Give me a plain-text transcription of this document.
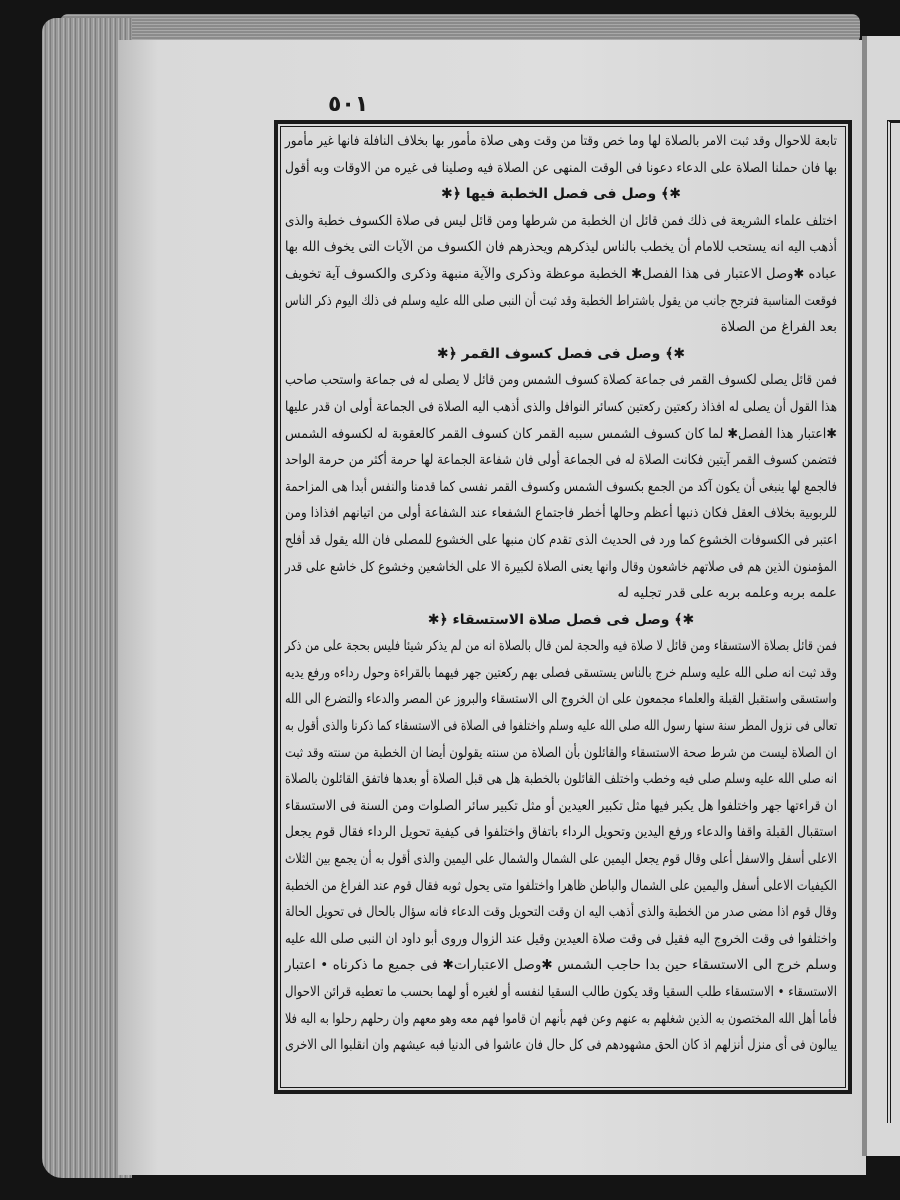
٥٠١
تابعة للاحوال وقد ثبت الامر بالصلاة لها وما خص وقتا من وقت وهى صلاة مأمور بها بخلاف النافلة فانها غير مأمور
بها فان حملنا الصلاة على الدعاء دعونا فى الوقت المنهى عن الصلاة فيه وصلينا فى غيره من الاوقات وبه أقول
✱﴾ وصل فى فصل الخطبة فيها ﴿✱
اختلف علماء الشريعة فى ذلك فمن قائل ان الخطبة من شرطها ومن قائل ليس فى صلاة الكسوف خطبة والذى
أذهب اليه انه يستحب للامام أن يخطب بالناس ليذكرهم ويحذرهم فان الكسوف من الآيات التى يخوف الله بها
عباده ✱وصل الاعتبار فى هذا الفصل✱ الخطبة موعظة وذكرى والآية منبهة وذكرى والكسوف آية تخويف
فوقعت المناسبة فترجح جانب من يقول باشتراط الخطبة وقد ثبت أن النبى صلى الله عليه وسلم فى ذلك اليوم ذكر الناس
بعد الفراغ من الصلاة
✱﴾ وصل فى فصل كسوف القمر ﴿✱
فمن قائل يصلى لكسوف القمر فى جماعة كصلاة كسوف الشمس ومن قائل لا يصلى له فى جماعة واستحب صاحب
هذا القول أن يصلى له افذاذ ركعتين ركعتين كسائر النوافل والذى أذهب اليه الصلاة فى الجماعة أولى ان قدر عليها
✱اعتبار هذا الفصل✱ لما كان كسوف الشمس سببه القمر كان كسوف القمر كالعقوبة له لكسوفه الشمس
فتضمن كسوف القمر آيتين فكانت الصلاة له فى الجماعة أولى فان شفاعة الجماعة لها حرمة أكثر من حرمة الواحد
فالجمع لها ينبغى أن يكون آكد من الجمع بكسوف الشمس وكسوف القمر نفسى كما قدمنا والنفس أبدا هى المزاحمة
للربوبية بخلاف العقل فكان ذنبها أعظم وحالها أخطر فاجتماع الشفعاء عند الشفاعة أولى من اتيانهم افذاذا ومن
اعتبر فى الكسوفات الخشوع كما ورد فى الحديث الذى تقدم كان منبها على الخشوع للمصلى فان الله يقول قد أفلح
المؤمنون الذين هم فى صلاتهم خاشعون وقال وانها يعنى الصلاة لكبيرة الا على الخاشعين وخشوع كل خاشع على قدر
علمه بربه وعلمه بربه على قدر تجليه له
✱﴾ وصل فى فصل صلاة الاستسقاء ﴿✱
فمن قائل بصلاة الاستسقاء ومن قائل لا صلاة فيه والحجة لمن قال بالصلاة انه من لم يذكر شيئا فليس بحجة على من ذكر
وقد ثبت انه صلى الله عليه وسلم خرج بالناس يستسقى فصلى بهم ركعتين جهر فيهما بالقراءة وحول رداءه ورفع يديه
واستسقى واستقبل القبلة والعلماء مجمعون على ان الخروج الى الاستسقاء والبروز عن المصر والدعاء والتضرع الى الله
تعالى فى نزول المطر سنة سنها رسول الله صلى الله عليه وسلم واختلفوا فى الصلاة فى الاستسقاء كما ذكرنا والذى أقول به
ان الصلاة ليست من شرط صحة الاستسقاء والقائلون بأن الصلاة من سنته يقولون أيضا ان الخطبة من سنته وقد ثبت
انه صلى الله عليه وسلم صلى فيه وخطب واختلف القائلون بالخطبة هل هى قبل الصلاة أو بعدها فاتفق القائلون بالصلاة
ان قراءتها جهر واختلفوا هل يكبر فيها مثل تكبير العيدين أو مثل تكبير سائر الصلوات ومن السنة فى الاستسقاء
استقبال القبلة واقفا والدعاء ورفع اليدين وتحويل الرداء باتفاق واختلفوا فى كيفية تحويل الرداء فقال قوم يجعل
الاعلى أسفل والاسفل أعلى وقال قوم يجعل اليمين على الشمال والشمال على اليمين والذى أقول به أن يجمع بين الثلاث
الكيفيات الاعلى أسفل واليمين على الشمال والباطن ظاهرا واختلفوا متى يحول ثوبه فقال قوم عند الفراغ من الخطبة
وقال قوم اذا مضى صدر من الخطبة والذى أذهب اليه ان وقت التحويل وقت الدعاء فانه سؤال بالحال فى تحويل الحالة
واختلفوا فى وقت الخروج اليه فقيل فى وقت صلاة العيدين وقيل عند الزوال وروى أبو داود ان النبى صلى الله عليه
وسلم خرج الى الاستسقاء حين بدا حاجب الشمس ✱وصل الاعتبارات✱ فى جميع ما ذكرناه • اعتبار
الاستسقاء • الاستسقاء طلب السقيا وقد يكون طالب السقيا لنفسه أو لغيره أو لهما بحسب ما تعطيه قرائن الاحوال
فأما أهل الله المختصون به الذين شغلهم به عنهم وعن فهم بأنهم ان قاموا فهم معه وهو معهم وان رحلهم رحلوا به اليه فلا
يبالون فى أى منزل أنزلهم اذ كان الحق مشهودهم فى كل حال فان عاشوا فى الدنيا فبه عيشهم وان انقلبوا الى الاخرى
